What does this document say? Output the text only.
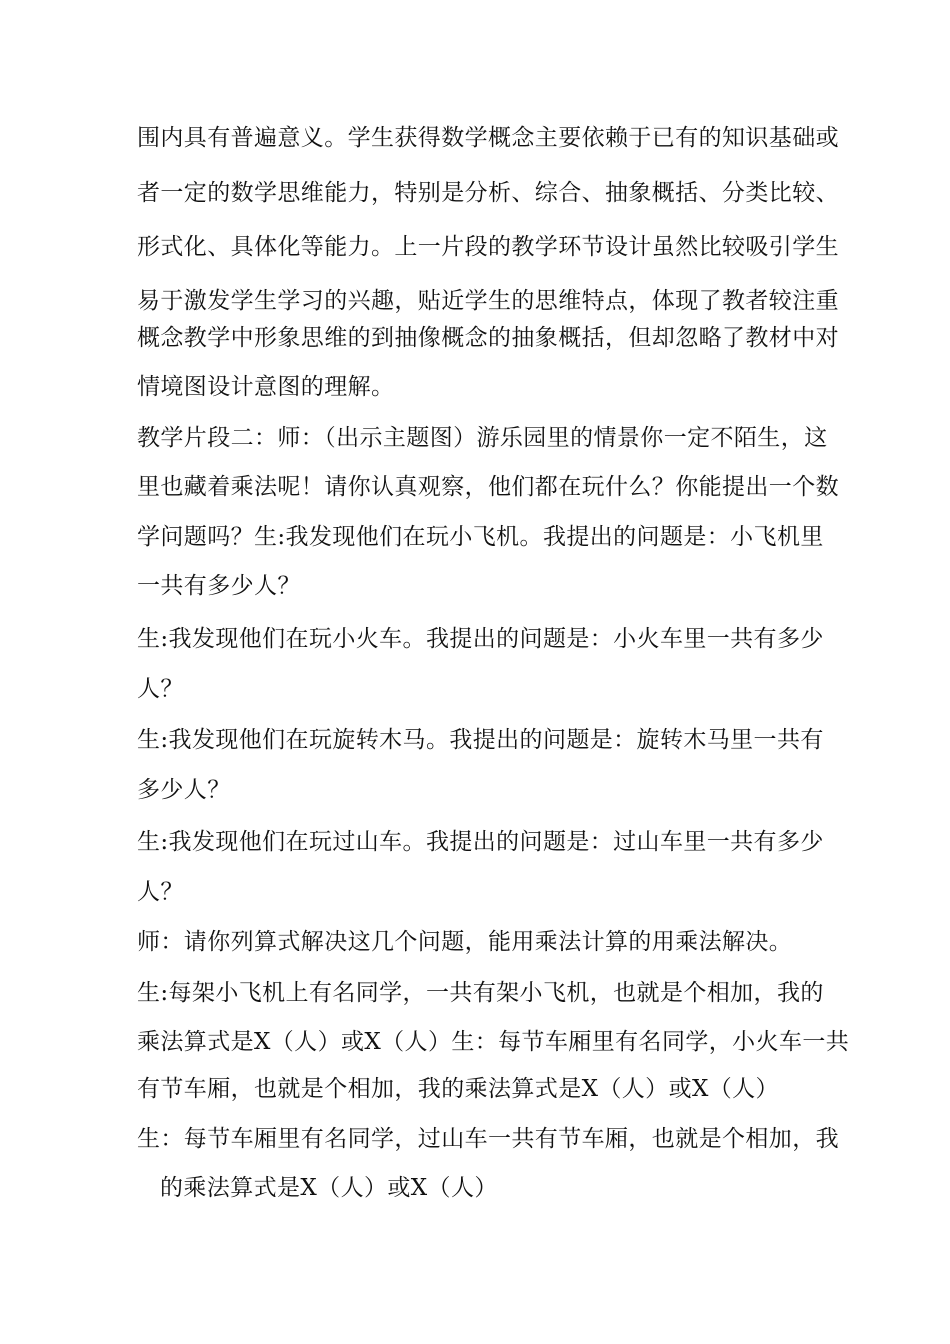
围内具有普遍意义。学生获得数学概念主要依赖于已有的知识基础或
者一定的数学思维能力，特别是分析、综合、抽象概括、分类比较、
形式化、具体化等能力。上一片段的教学环节设计虽然比较吸引学生
易于激发学生学习的兴趣，贴近学生的思维特点，体现了教者较注重
概念教学中形象思维的到抽像概念的抽象概括，但却忽略了教材中对
情境图设计意图的理解。
教学片段二：师：（出示主题图）游乐园里的情景你一定不陌生，这
里也藏着乘法呢！请你认真观察，他们都在玩什么？你能提出一个数
学问题吗？生:我发现他们在玩小飞机。我提出的问题是：小飞机里
一共有多少人？
生:我发现他们在玩小火车。我提出的问题是：小火车里一共有多少
人？
生:我发现他们在玩旋转木马。我提出的问题是：旋转木马里一共有
多少人？
生:我发现他们在玩过山车。我提出的问题是：过山车里一共有多少
人？
师：请你列算式解决这几个问题，能用乘法计算的用乘法解决。
生:每架小飞机上有名同学，一共有架小飞机，也就是个相加，我的
乘法算式是X（人）或X（人）生：每节车厢里有名同学，小火车一共
有节车厢，也就是个相加，我的乘法算式是X（人）或X（人）
生：每节车厢里有名同学，过山车一共有节车厢，也就是个相加，我
的乘法算式是X（人）或X（人）
